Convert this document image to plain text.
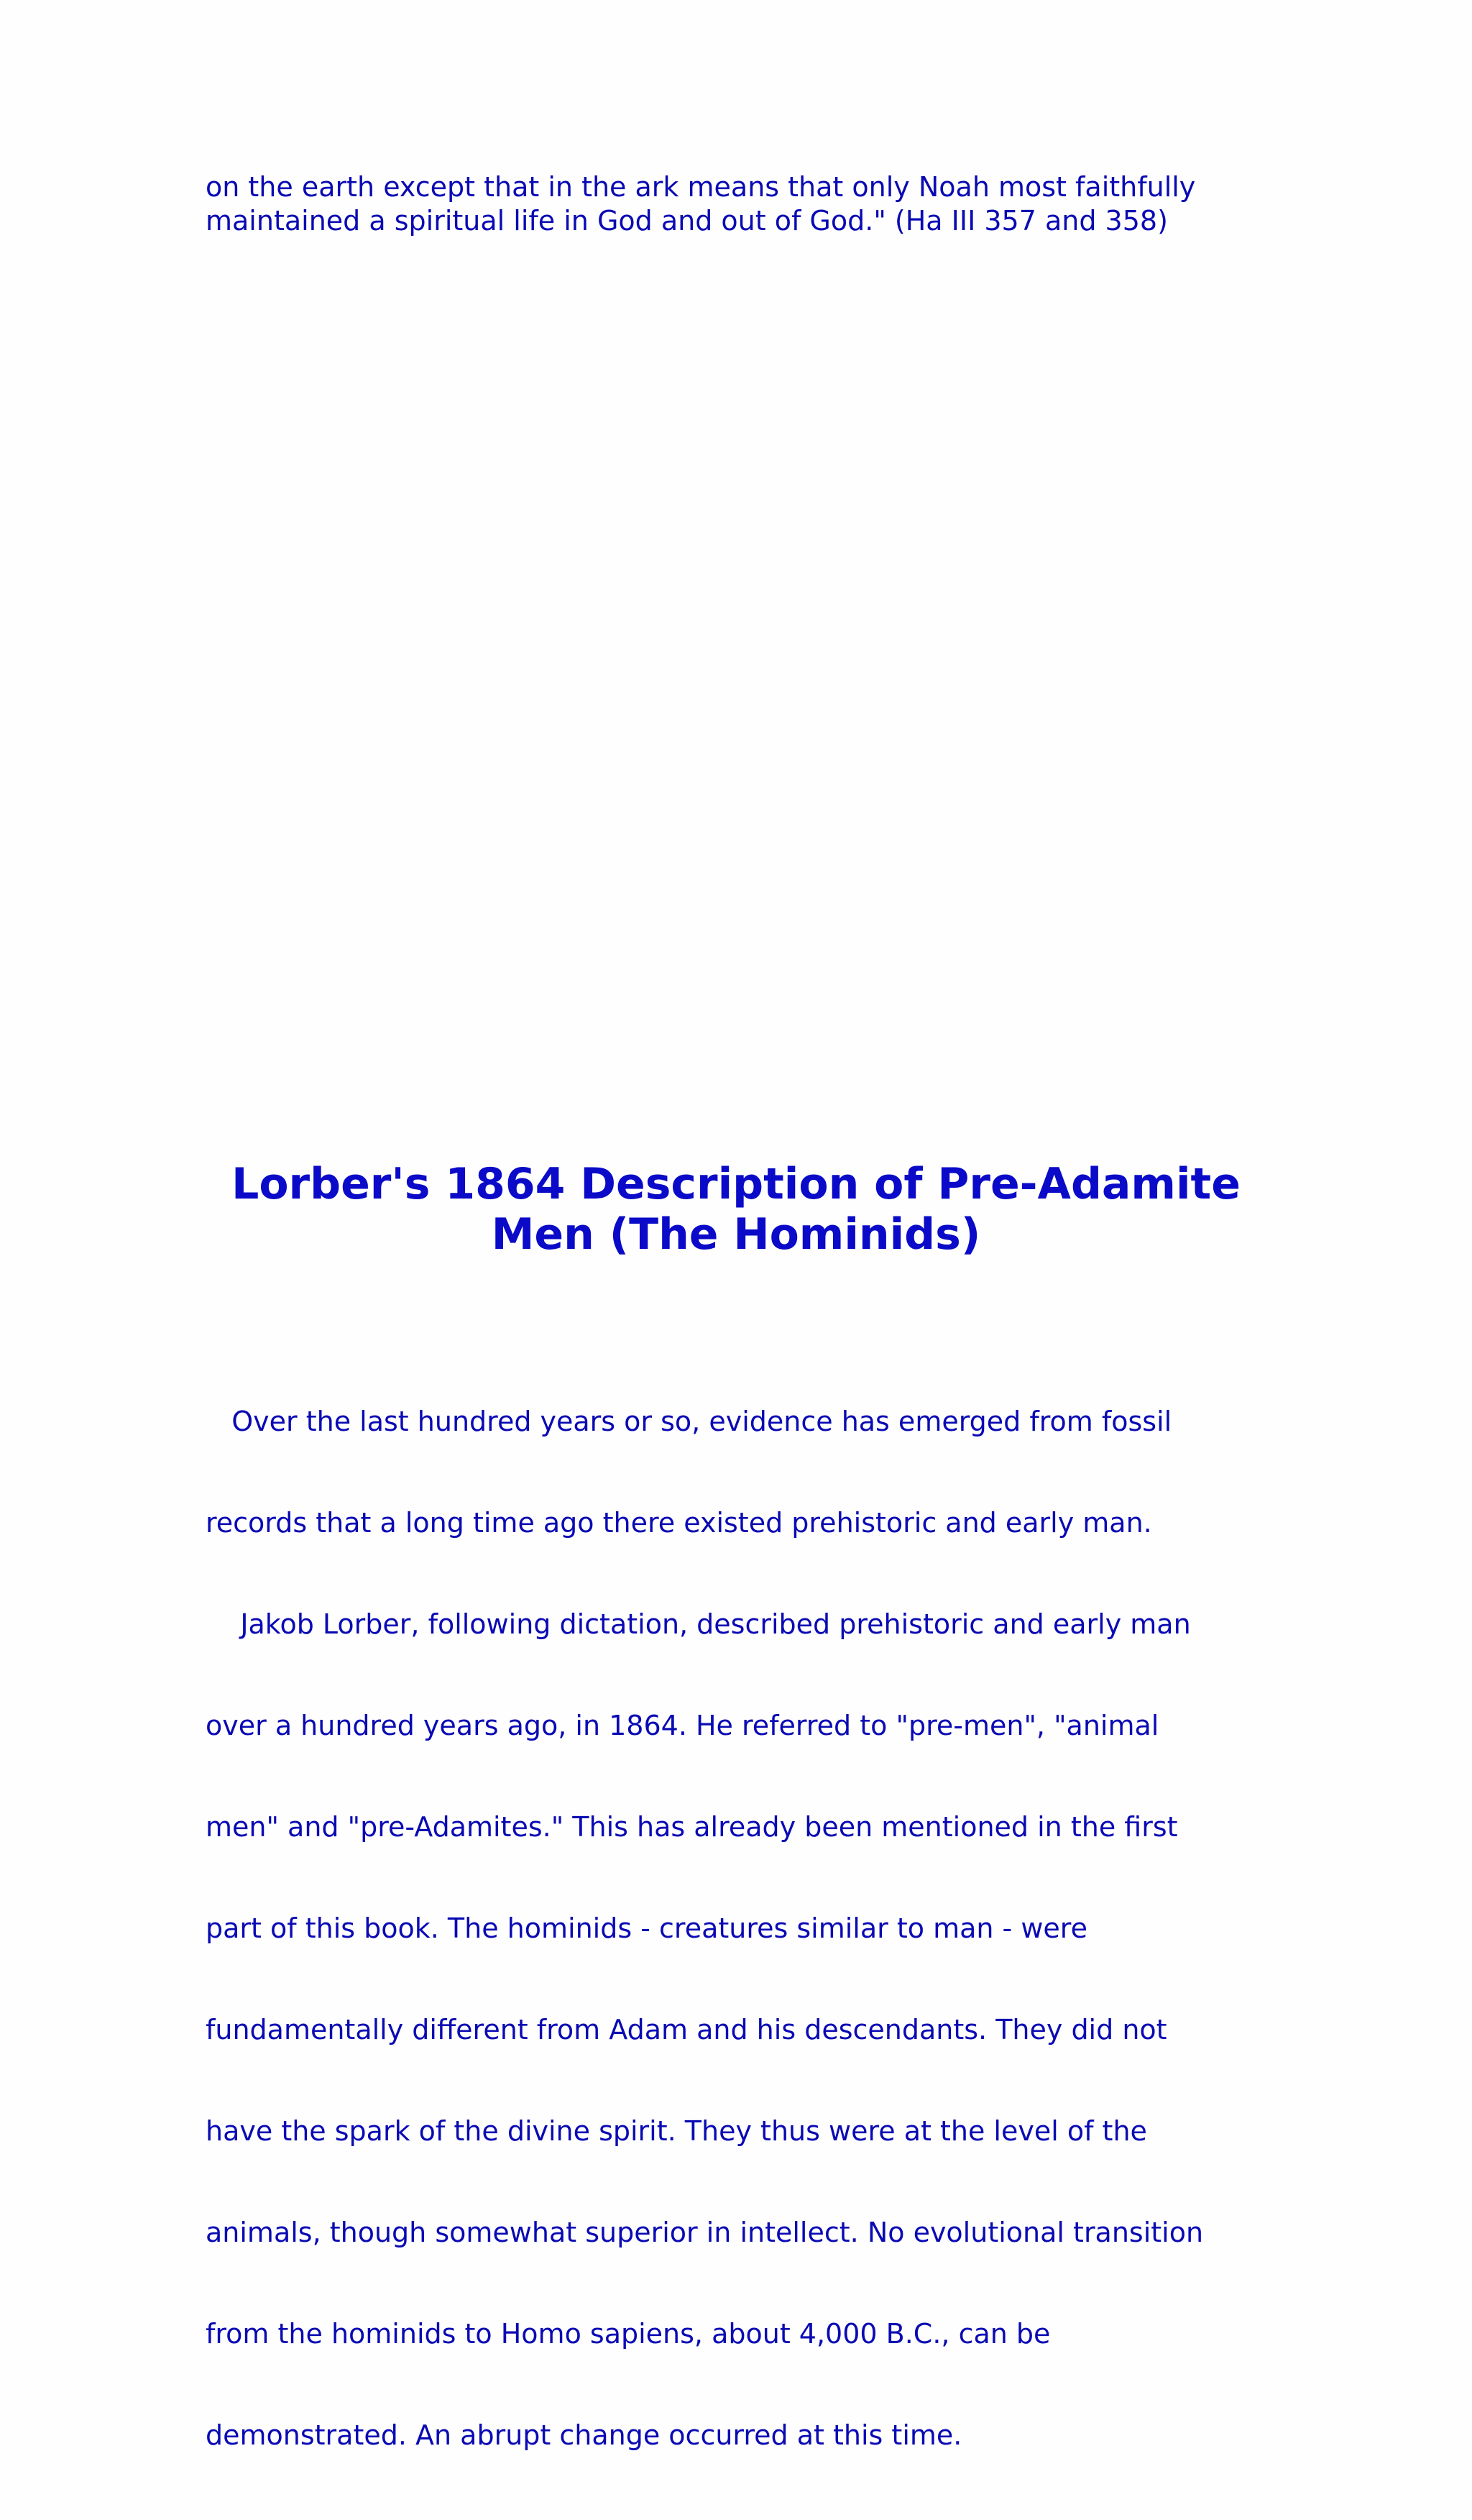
on the earth except that in the ark means that only Noah most faithfully
maintained a spiritual life in God and out of God." (Ha III 357 and 358)
Lorber's 1864 Description of Pre-Adamite
Men (The Hominids)

Over the last hundred years or so, evidence has emerged from fossil

records that a long time ago there existed prehistoric and early man.

Jakob Lorber, following dictation, described prehistoric and early man

over a hundred years ago, in 1864. He referred to "pre-men", "animal

men" and "pre-Adamites." This has already been mentioned in the first

part of this book. The hominids - creatures similar to man - were

fundamentally different from Adam and his descendants. They did not

have the spark of the divine spirit. They thus were at the level of the

animals, though somewhat superior in intellect. No evolutional transition

from the hominids to Homo sapiens, about 4,000 B.C., can be

demonstrated. An abrupt change occurred at this time.
